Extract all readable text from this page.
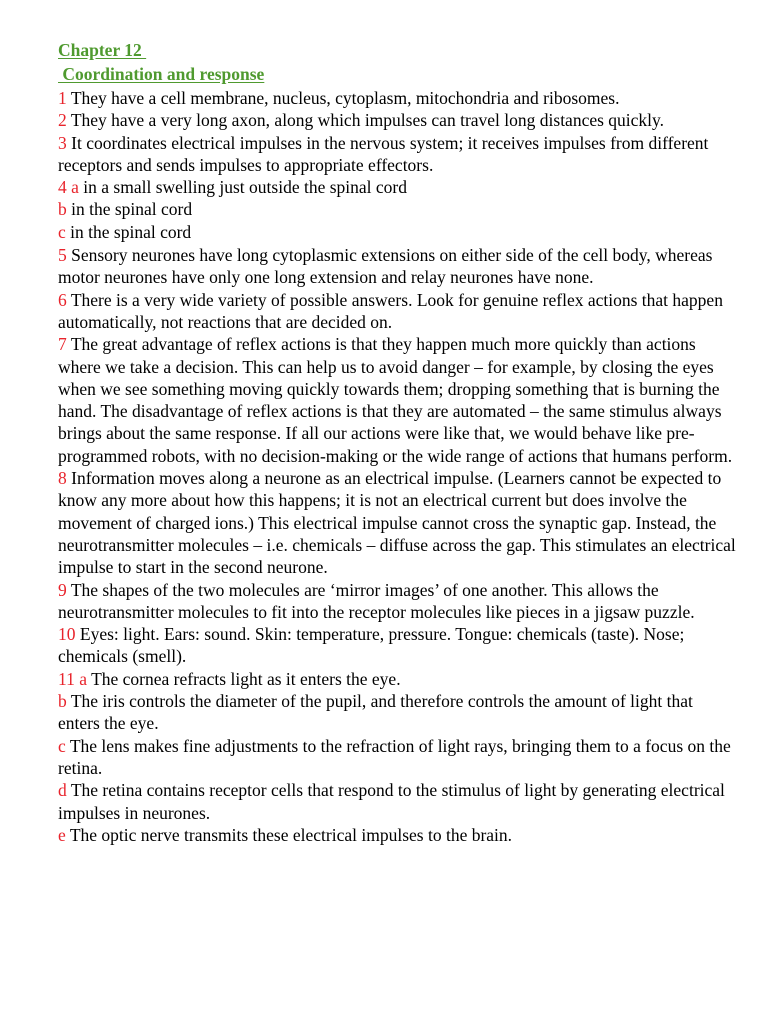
Chapter 12

Coordination and response

1 They have a cell membrane, nucleus, cytoplasm, mitochondria and ribosomes.

2 They have a very long axon, along which impulses can travel long distances quickly.

3 It coordinates electrical impulses in the nervous system; it receives impulses from different receptors and sends impulses to appropriate effectors.

4 a in a small swelling just outside the spinal cord

b in the spinal cord

c in the spinal cord

5 Sensory neurones have long cytoplasmic extensions on either side of the cell body, whereas motor neurones have only one long extension and relay neurones have none.

6 There is a very wide variety of possible answers. Look for genuine reflex actions that happen automatically, not reactions that are decided on.

7 The great advantage of reflex actions is that they happen much more quickly than actions where we take a decision. This can help us to avoid danger – for example, by closing the eyes when we see something moving quickly towards them; dropping something that is burning the hand. The disadvantage of reflex actions is that they are automated – the same stimulus always brings about the same response. If all our actions were like that, we would behave like pre-programmed robots, with no decision-making or the wide range of actions that humans perform.

8 Information moves along a neurone as an electrical impulse. (Learners cannot be expected to know any more about how this happens; it is not an electrical current but does involve the movement of charged ions.) This electrical impulse cannot cross the synaptic gap. Instead, the neurotransmitter molecules – i.e. chemicals – diffuse across the gap. This stimulates an electrical impulse to start in the second neurone.

9 The shapes of the two molecules are ‘mirror images’ of one another. This allows the neurotransmitter molecules to fit into the receptor molecules like pieces in a jigsaw puzzle.

10 Eyes: light. Ears: sound. Skin: temperature, pressure. Tongue: chemicals (taste). Nose; chemicals (smell).

11 a The cornea refracts light as it enters the eye.

b The iris controls the diameter of the pupil, and therefore controls the amount of light that enters the eye.

c The lens makes fine adjustments to the refraction of light rays, bringing them to a focus on the retina.

d The retina contains receptor cells that respond to the stimulus of light by generating electrical impulses in neurones.

e The optic nerve transmits these electrical impulses to the brain.
